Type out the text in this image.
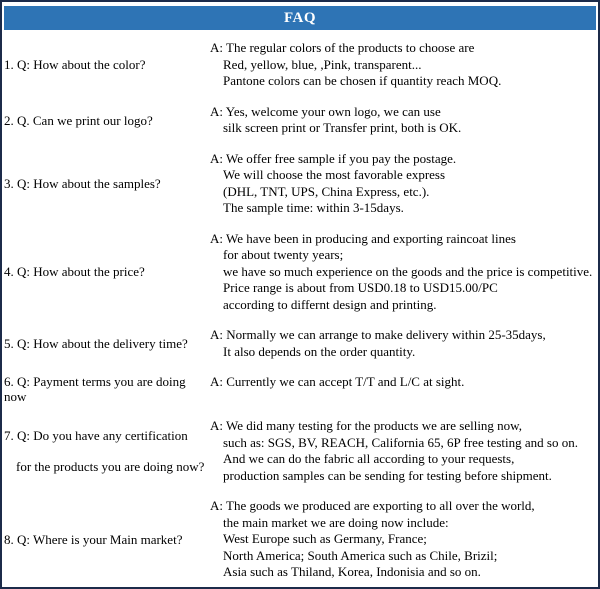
FAQ
1. Q: How about the color?
A: The regular colors of the products to choose are
Red, yellow, blue, ,Pink, transparent...
Pantone colors can be chosen if quantity reach MOQ.
2. Q. Can we print our logo?
A: Yes, welcome your own logo, we can use
silk screen print or Transfer print, both is OK.
3. Q: How about the samples?
A: We offer free sample if you pay the postage.
We will choose the most favorable express
(DHL, TNT, UPS, China Express, etc.).
The sample time: within 3-15days.
4. Q: How about the price?
A: We have been in producing and exporting raincoat lines
for about twenty years;
we have so much experience on the goods and the price is competitive.
Price range is about from USD0.18 to USD15.00/PC
according to differnt design and printing.
5. Q: How about the delivery time?
A: Normally we can arrange to make delivery within 25-35days,
It also depends on the order quantity.
6. Q: Payment terms you are doing now
A: Currently we can accept T/T and L/C at sight.
7. Q: Do you have any certification
for the products you are doing now?
A: We did many testing for the products we are selling now,
such as: SGS, BV, REACH, California 65, 6P free testing and so on.
And we can do the fabric all according to your requests,
production samples can be sending for testing before shipment.
8. Q: Where is your Main market?
A: The goods we produced are exporting to all over the world,
the main market we are doing now include:
West Europe such as Germany, France;
North America; South America such as Chile, Brizil;
Asia such as Thiland, Korea, Indonisia and so on.
